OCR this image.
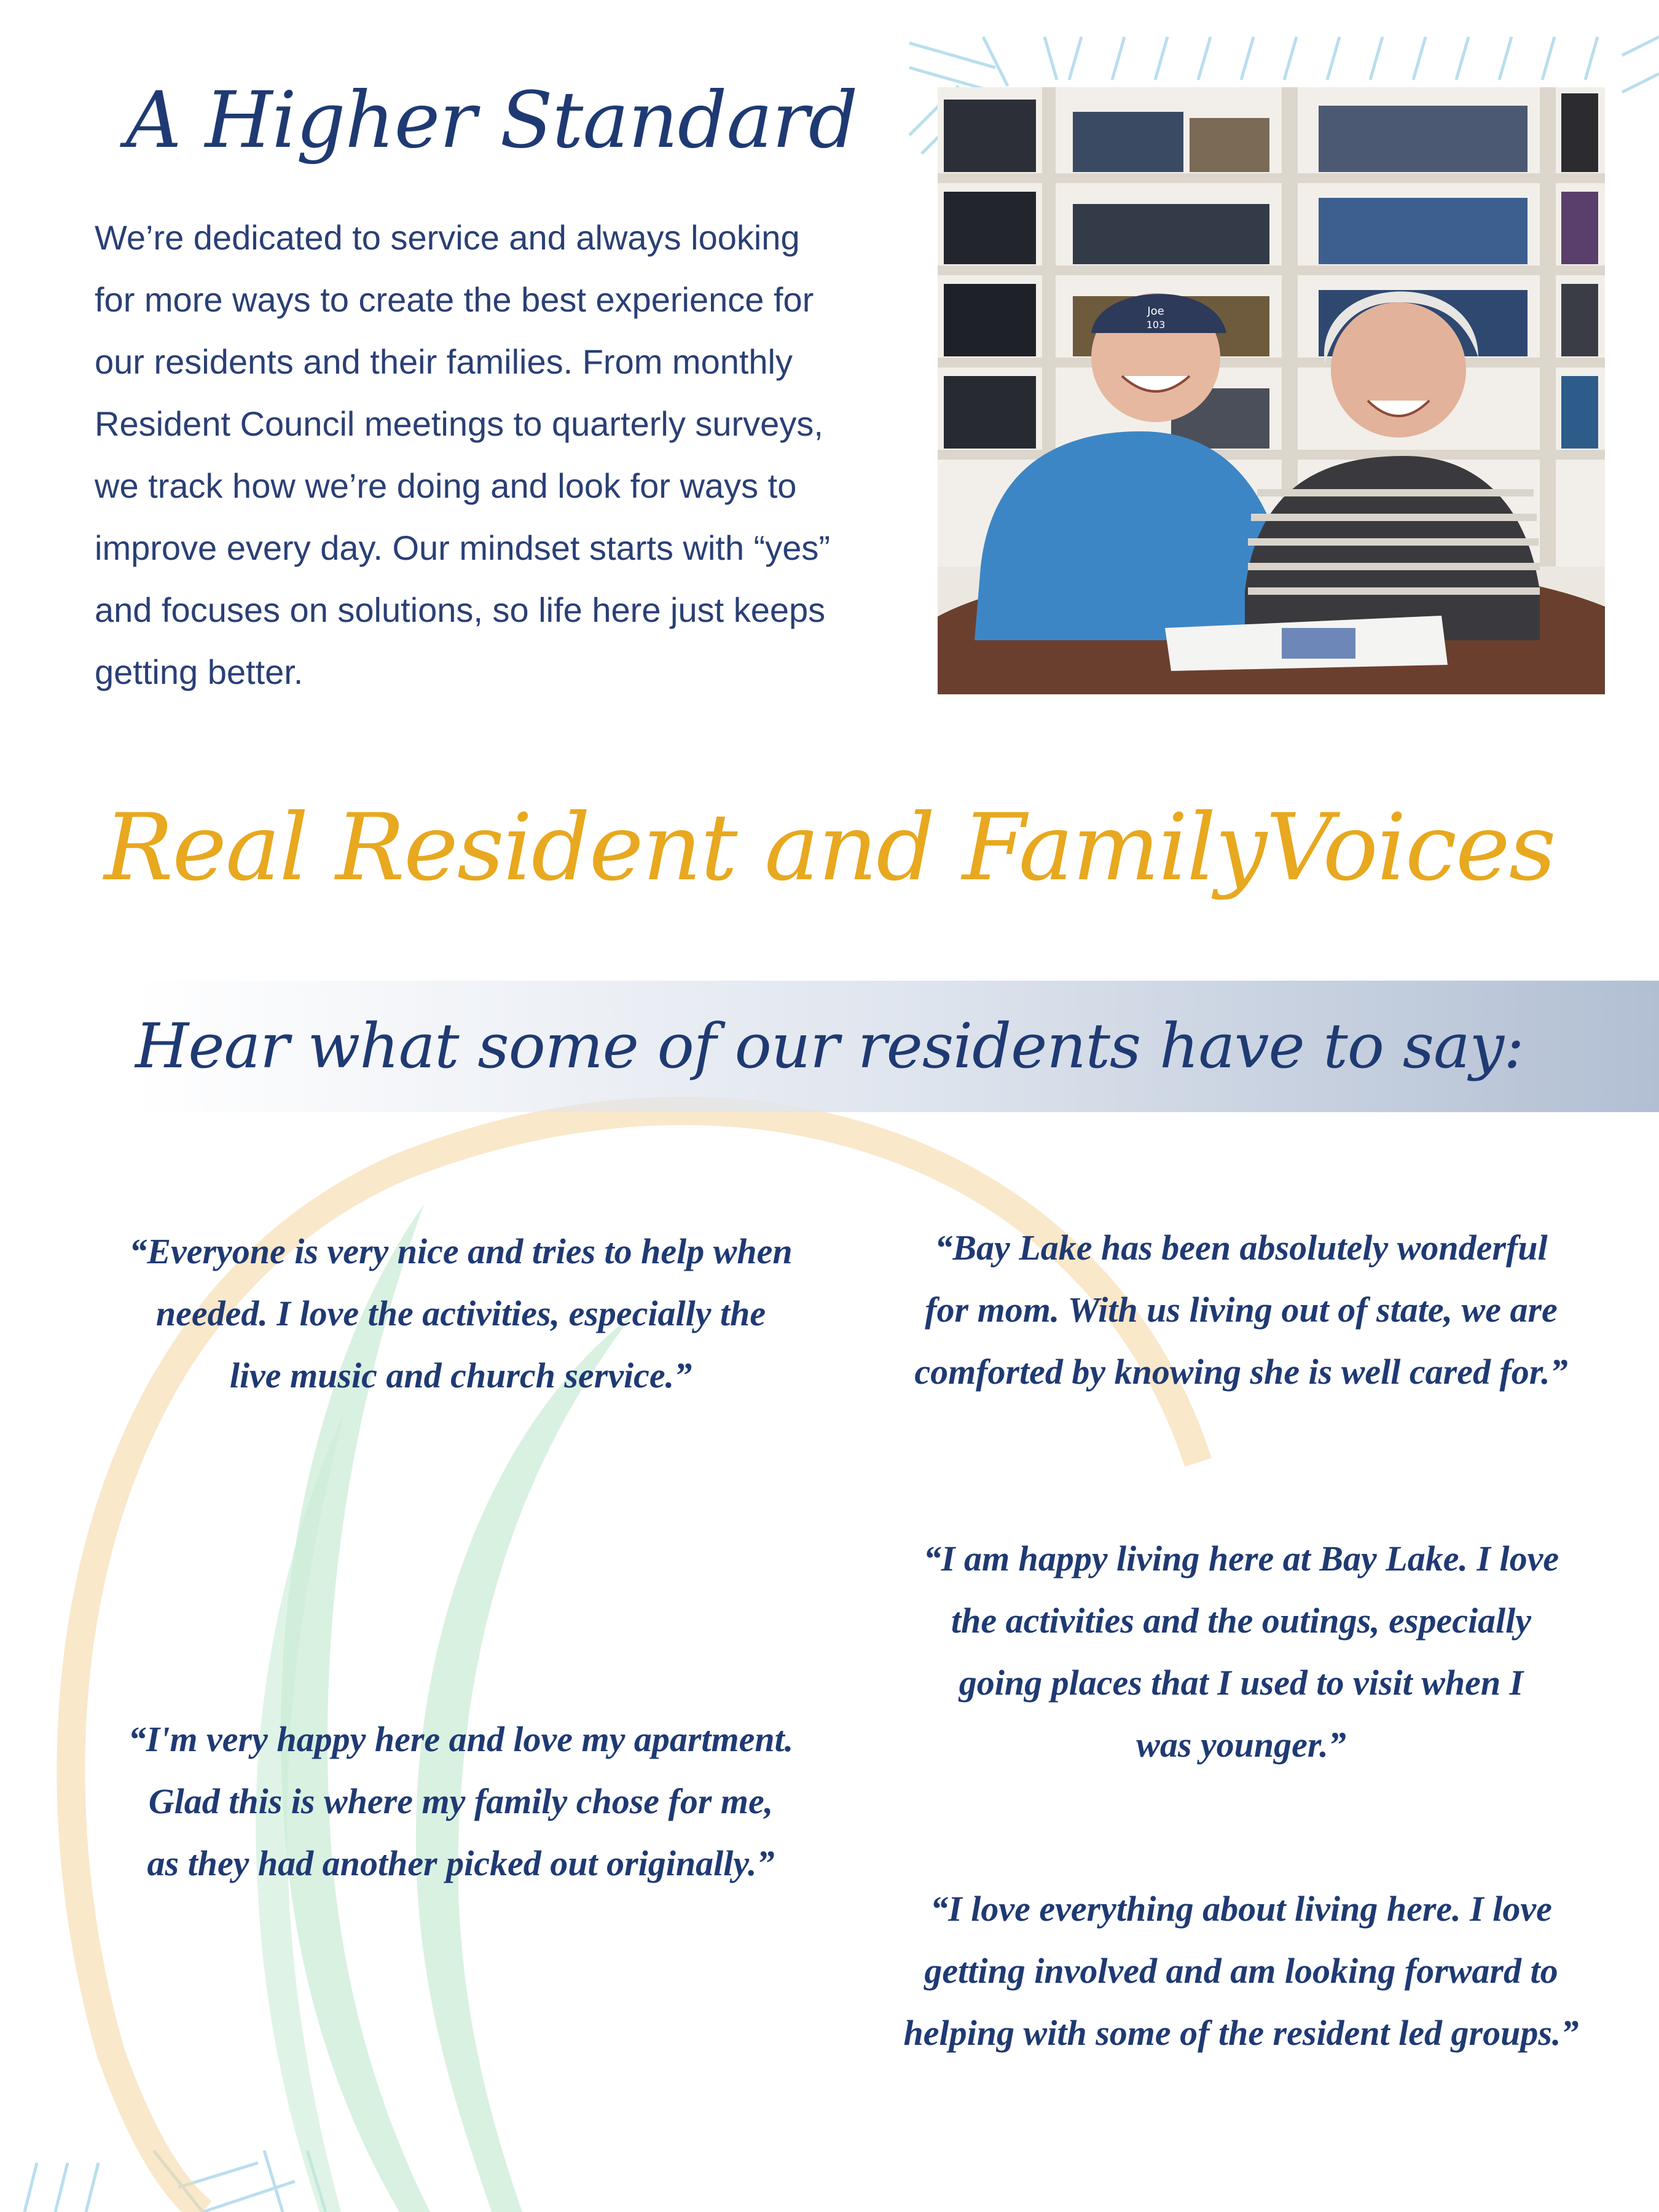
A Higher Standard

We’re dedicated to service and always looking
for more ways to create the best experience for
our residents and their families. From monthly
Resident Council meetings to quarterly surveys,
we track how we’re doing and look for ways to
improve every day. Our mindset starts with “yes”
and focuses on solutions, so life here just keeps
getting better.

Joe
103
Real Resident and FamilyVoices

Hear what some of our residents have to say:

“Everyone is very nice and tries to help when
needed. I love the activities, especially the
live music and church service.”

“I'm very happy here and love my apartment.
Glad this is where my family chose for me,
as they had another picked out originally.”

“Bay Lake has been absolutely wonderful
for mom. With us living out of state, we are
comforted by knowing she is well cared for.”

“I am happy living here at Bay Lake. I love
the activities and the outings, especially
going places that I used to visit when I
was younger.”

“I love everything about living here. I love
getting involved and am looking forward to
helping with some of the resident led groups.”
